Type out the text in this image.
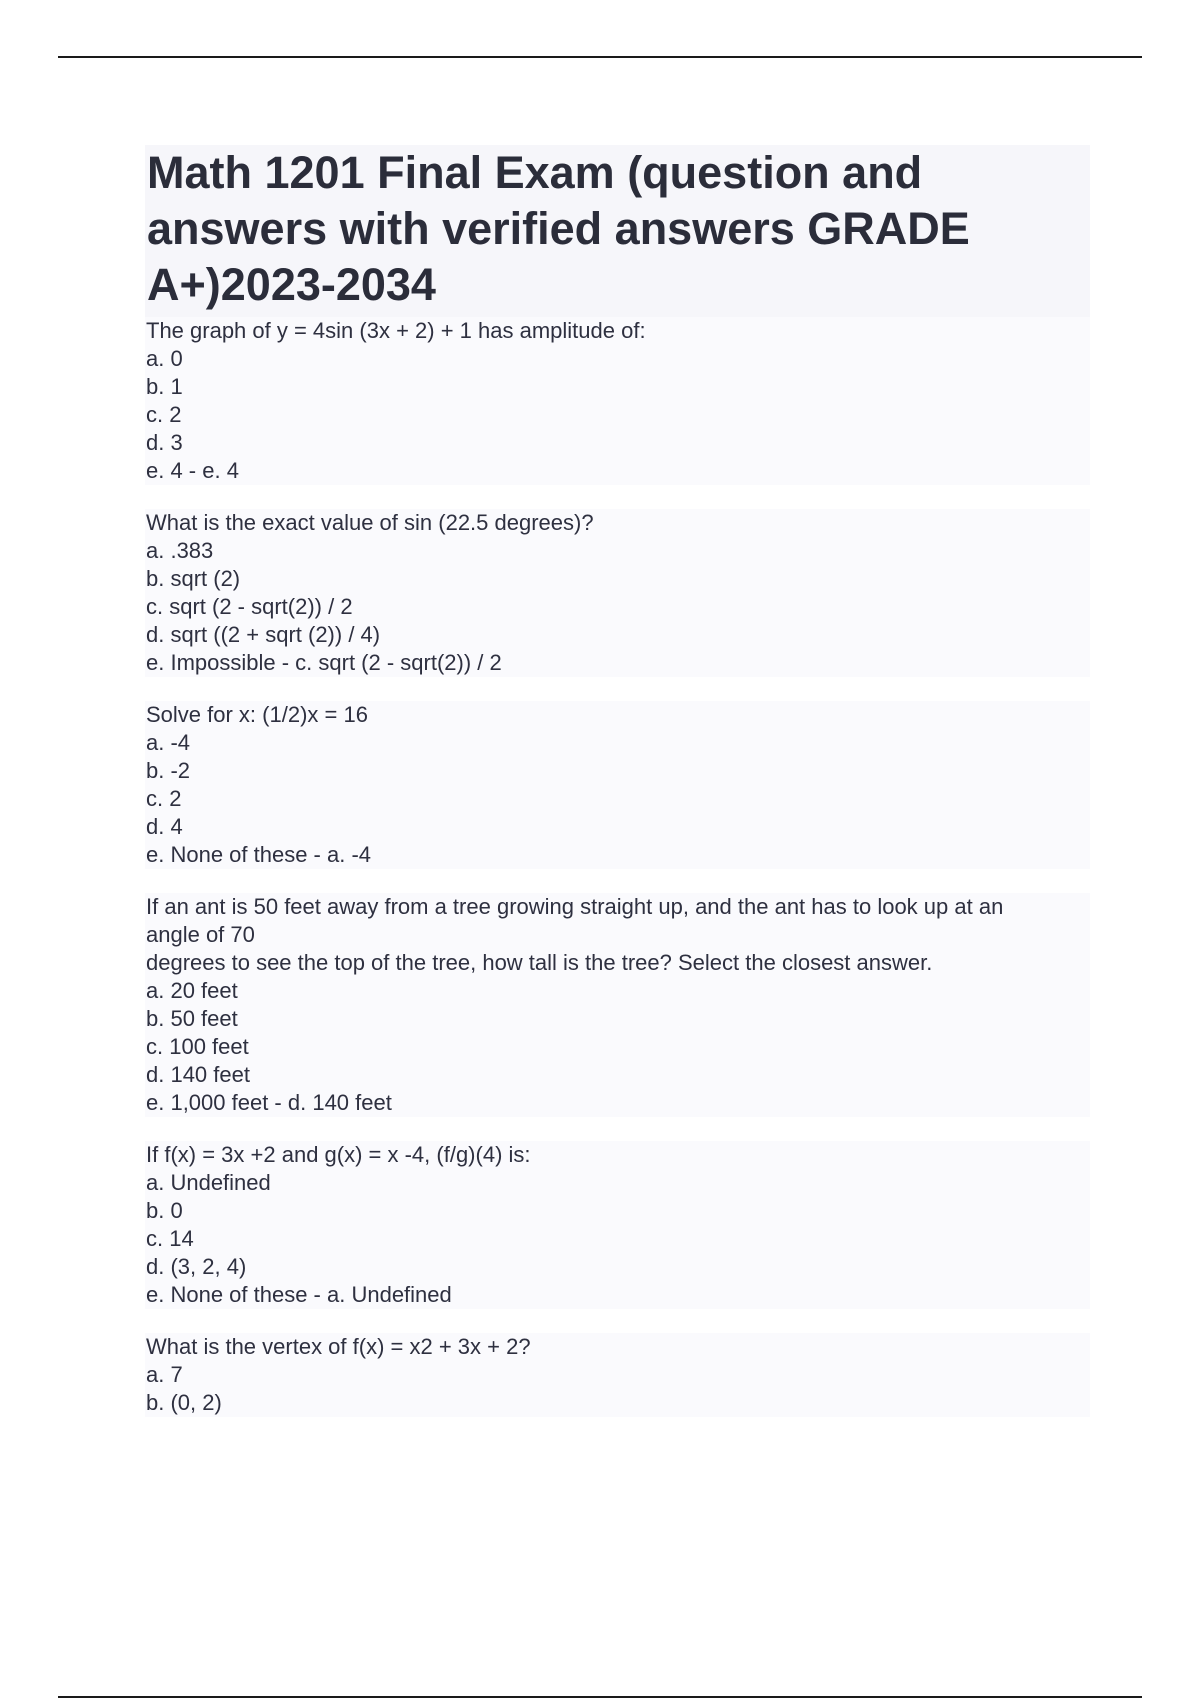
Math 1201 Final Exam (question and answers with verified answers GRADE A+)2023-2034
The graph of y = 4sin (3x + 2) + 1 has amplitude of:
a. 0
b. 1
c. 2
d. 3
e. 4 - e. 4
What is the exact value of sin (22.5 degrees)?
a. .383
b. sqrt (2)
c. sqrt (2 - sqrt(2)) / 2
d. sqrt ((2 + sqrt (2)) / 4)
e. Impossible - c. sqrt (2 - sqrt(2)) / 2
Solve for x: (1/2)x = 16
a. -4
b. -2
c. 2
d. 4
e. None of these - a. -4
If an ant is 50 feet away from a tree growing straight up, and the ant has to look up at an
angle of 70
degrees to see the top of the tree, how tall is the tree? Select the closest answer.
a. 20 feet
b. 50 feet
c. 100 feet
d. 140 feet
e. 1,000 feet - d. 140 feet
If f(x) = 3x +2 and g(x) = x -4, (f/g)(4) is:
a. Undefined
b. 0
c. 14
d. (3, 2, 4)
e. None of these - a. Undefined
What is the vertex of f(x) = x2 + 3x + 2?
a. 7
b. (0, 2)
